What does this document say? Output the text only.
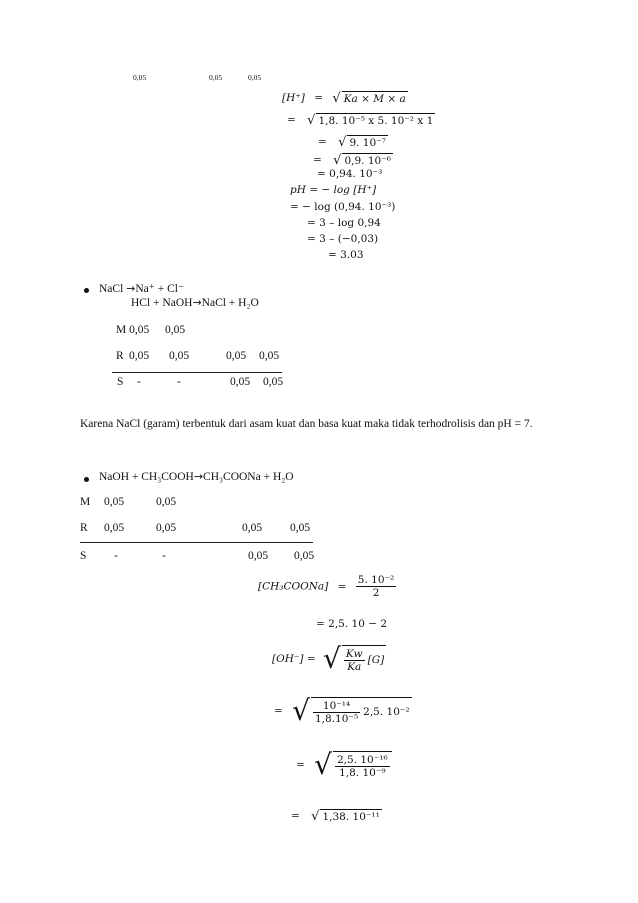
0,05	0,05	0,05
[H⁺] = √ Ka × M × a
= √ 1,8. 10⁻⁵ x 5. 10⁻² x 1
= √ 9. 10⁻⁷
= √ 0,9. 10⁻⁶
= 0,94. 10⁻³
pH = − log [H⁺]
= − log (0,94. 10⁻³)
= 3 – log 0,94
= 3 – (−0,03)
= 3.03
NaCl →Na⁺ + Cl⁻
HCl + NaOH→NaCl + H₂O
M 0,05 0,05
R 0,05 0,05	0,05 0,05
S -	-	0,05 0,05
Karena NaCl (garam) terbentuk dari asam kuat dan basa kuat maka tidak terhodrolisis dan pH = 7.
NaOH + CH₃COOH→CH₃COONa + H₂O
M 0,05	0,05
R 0,05	0,05	0,05 0,05
S -	-	0,05 0,05
[CH₃COONa] = $\frac{\text{5. 10⁻²}}{2}$
= 2,5. 10 − 2
[OH⁻] = √ $\frac{Kw}{Ka} [G]$
= √ $\frac{\text{10⁻¹⁴}}{\text{1,8.10⁻⁵}} 2,5$. 10⁻²
= √ $\frac{\text{2,5. 10⁻¹⁶}}{\text{1,8. 10⁻⁹}}$
= √ 1,38. 10⁻¹¹
